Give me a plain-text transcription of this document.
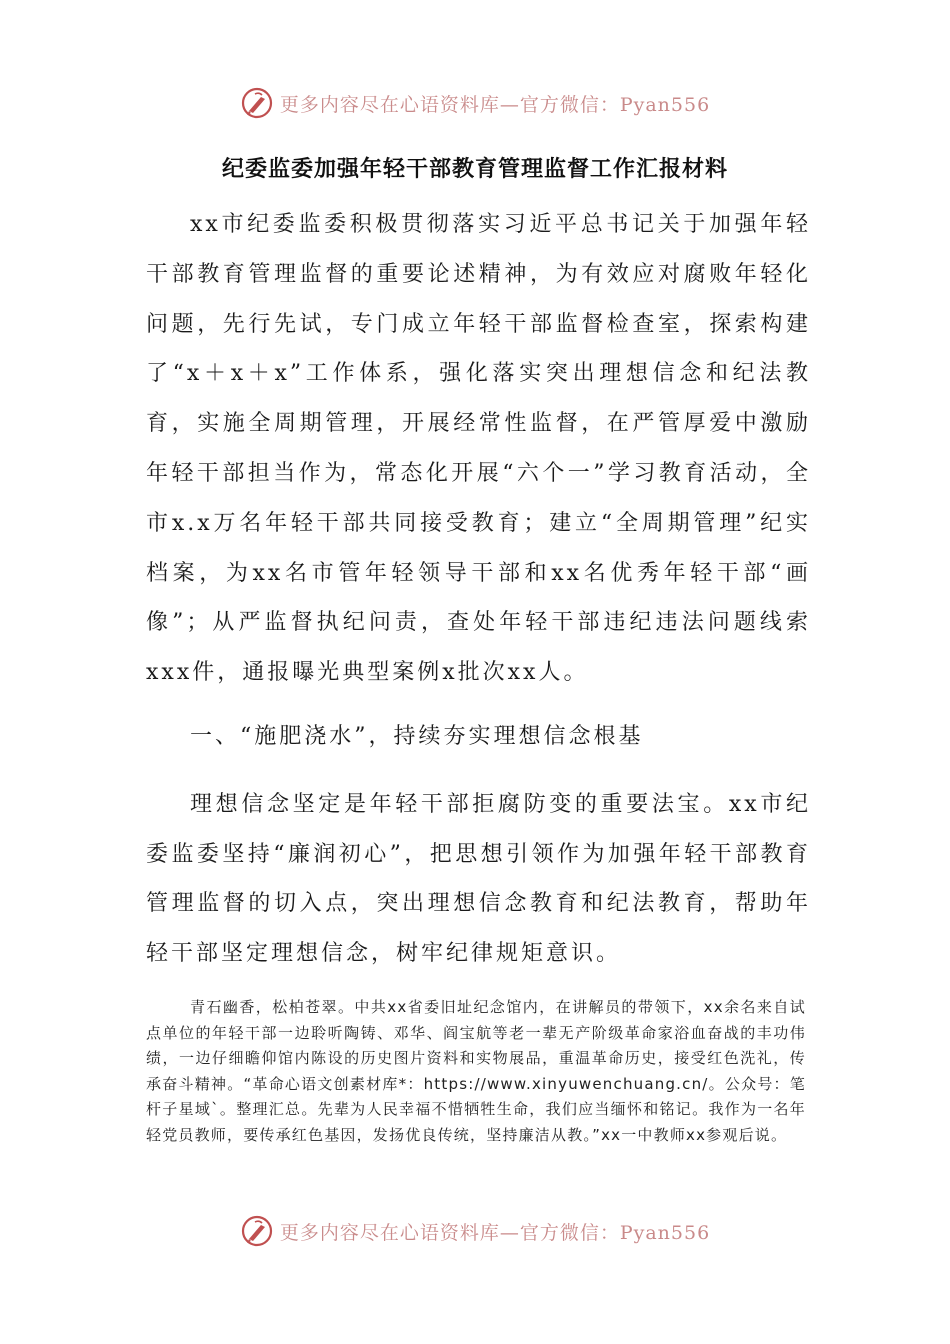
更多内容尽在心语资料库—官方微信：Pyan556
纪委监委加强年轻干部教育管理监督工作汇报材料

xx市纪委监委积极贯彻落实习近平总书记关于加强年轻干部教育管理监督的重要论述精神，为有效应对腐败年轻化问题，先行先试，专门成立年轻干部监督检查室，探索构建了“x＋x＋x”工作体系，强化落实突出理想信念和纪法教育，实施全周期管理，开展经常性监督，在严管厚爱中激励年轻干部担当作为，常态化开展“六个一”学习教育活动，全市x.x万名年轻干部共同接受教育；建立“全周期管理”纪实档案，为xx名市管年轻领导干部和xx名优秀年轻干部“画像”；从严监督执纪问责，查处年轻干部违纪违法问题线索xxx件，通报曝光典型案例x批次xx人。

一、“施肥浇水”，持续夯实理想信念根基

理想信念坚定是年轻干部拒腐防变的重要法宝。xx市纪委监委坚持“廉润初心”，把思想引领作为加强年轻干部教育管理监督的切入点，突出理想信念教育和纪法教育，帮助年轻干部坚定理想信念，树牢纪律规矩意识。

青石幽香，松柏苍翠。中共xx省委旧址纪念馆内，在讲解员的带领下，xx余名来自试点单位的年轻干部一边聆听陶铸、邓华、阎宝航等老一辈无产阶级革命家浴血奋战的丰功伟绩，一边仔细瞻仰馆内陈设的历史图片资料和实物展品，重温革命历史，接受红色洗礼，传承奋斗精神。“革命心语文创素材库*：https://www.xinyuwenchuang.cn/。公众号：笔杆子星域`。整理汇总。先辈为人民幸福不惜牺牲生命，我们应当缅怀和铭记。我作为一名年轻党员教师，要传承红色基因，发扬优良传统，坚持廉洁从教。”xx一中教师xx参观后说。

更多内容尽在心语资料库—官方微信：Pyan556
